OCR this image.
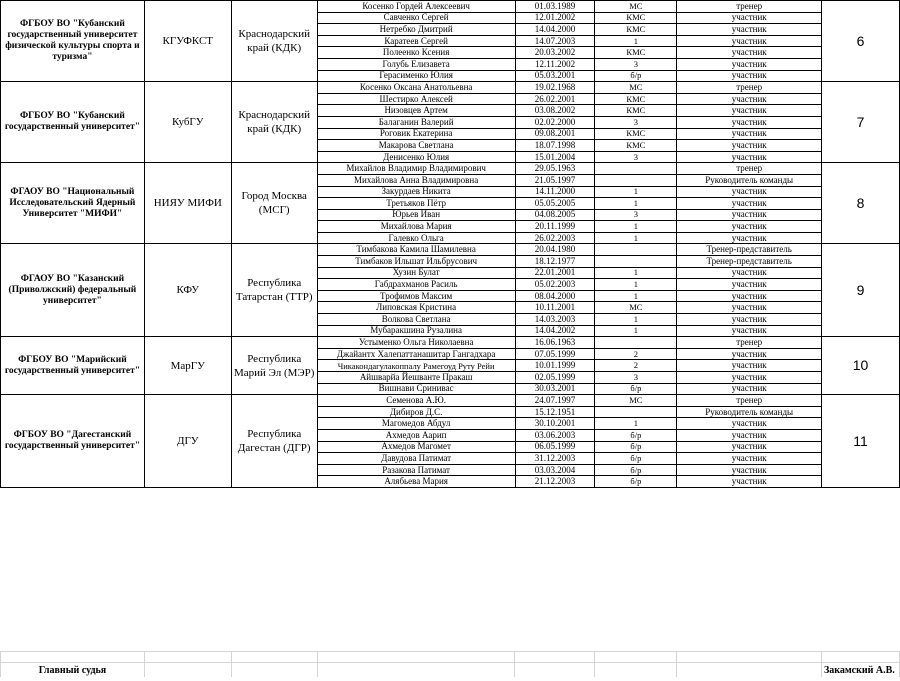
ФГБОУ ВО "Кубанский государственный университет физической культуры спорта и туризма"	КГУФКСТ	Краснодарский край (КДК)	Косенко Гордей Алексеевич	01.03.1989	МС	тренер	6
			Савченко Сергей	12.01.2002	КМС	участник	
			Нетребко Дмитрий	14.04.2000	КМС	участник	
			Каратеев Сергей	14.07.2003	1	участник	
			Полеенко Ксения	20.03.2002	КМС	участник	
			Голубь Елизавета	12.11.2002	3	участник	
			Герасименко Юлия	05.03.2001	б/р	участник	
ФГБОУ ВО "Кубанский государственный университет"	КубГУ	Краснодарский край (КДК)	Косенко Оксана Анатольевна	19.02.1968	МС	тренер	7
			Шестирко Алексей	26.02.2001	КМС	участник	
			Низовцев Артем	03.08.2002	КМС	участник	
			Балаганин Валерий	02.02.2000	3	участник	
			Роговик Екатерина	09.08.2001	КМС	участник	
			Макарова Светлана	18.07.1998	КМС	участник	
			Денисенко Юлия	15.01.2004	3	участник	
ФГАОУ ВО "Национальный Исследовательский Ядерный Университет "МИФИ"	НИЯУ МИФИ	Город Москва (МСГ)	Михайлов Владимир Владимирович	29.05.1963		тренер	8
			Михайлова Анна Владимировна	21.05.1997		Руководитель команды	
			Закурдаев Никита	14.11.2000	1	участник	
			Третьяков Пётр	05.05.2005	1	участник	
			Юрьев Иван	04.08.2005	3	участник	
			Михайлова Мария	20.11.1999	1	участник	
			Галевко Ольга	26.02.2003	1	участник	
ФГАОУ ВО "Казанский (Приволжский) федеральный университет"	КФУ	Республика Татарстан (ТТР)	Тимбакова Камила Шамилевна	20.04.1980		Тренер-представитель	9
			Тимбаков Ильшат Ильбрусович	18.12.1977		Тренер-представитель	
			Хузин Булат	22.01.2001	1	участник	
			Габдрахманов Расиль	05.02.2003	1	участник	
			Трофимов Максим	08.04.2000	1	участник	
			Липовская Кристина	10.11.2001	МС	участник	
			Волкова Светлана	14.03.2003	1	участник	
			Мубаракшина Рузалина	14.04.2002	1	участник	
ФГБОУ ВО "Марийский государственный университет"	МарГУ	Республика Марий Эл (МЭР)	Устыменко Ольга Николаевна	16.06.1963		тренер	10
			Джайантх Халепаттанашитар Гангадхара	07.05.1999	2	участник	
			Чикакондагулакоппалу Рамегоуд Руту Рейи	10.01.1999	2	участник	
			Айшварйа Йешванте Пракаш	02.05.1999	3	участник	
			Вишнави Сринивас	30.03.2001	б/р	участник	
ФГБОУ ВО "Дагестанский государственный университет"	ДГУ	Республика Дагестан (ДГР)	Семенова А.Ю.	24.07.1997	МС	тренер	11
			Дибиров Д.С.	15.12.1951		Руководитель команды	
			Магомедов Абдул	30.10.2001	1	участник	
			Ахмедов Аарип	03.06.2003	б/р	участник	
			Ахмедов Магомет	06.05.1999	б/р	участник	
			Давудова Патимат	31.12.2003	б/р	участник	
			Разакова Патимат	03.03.2004	б/р	участник	
			Алябьева Мария	21.12.2003	б/р	участник	

Главный судья							Закамский А.В.
